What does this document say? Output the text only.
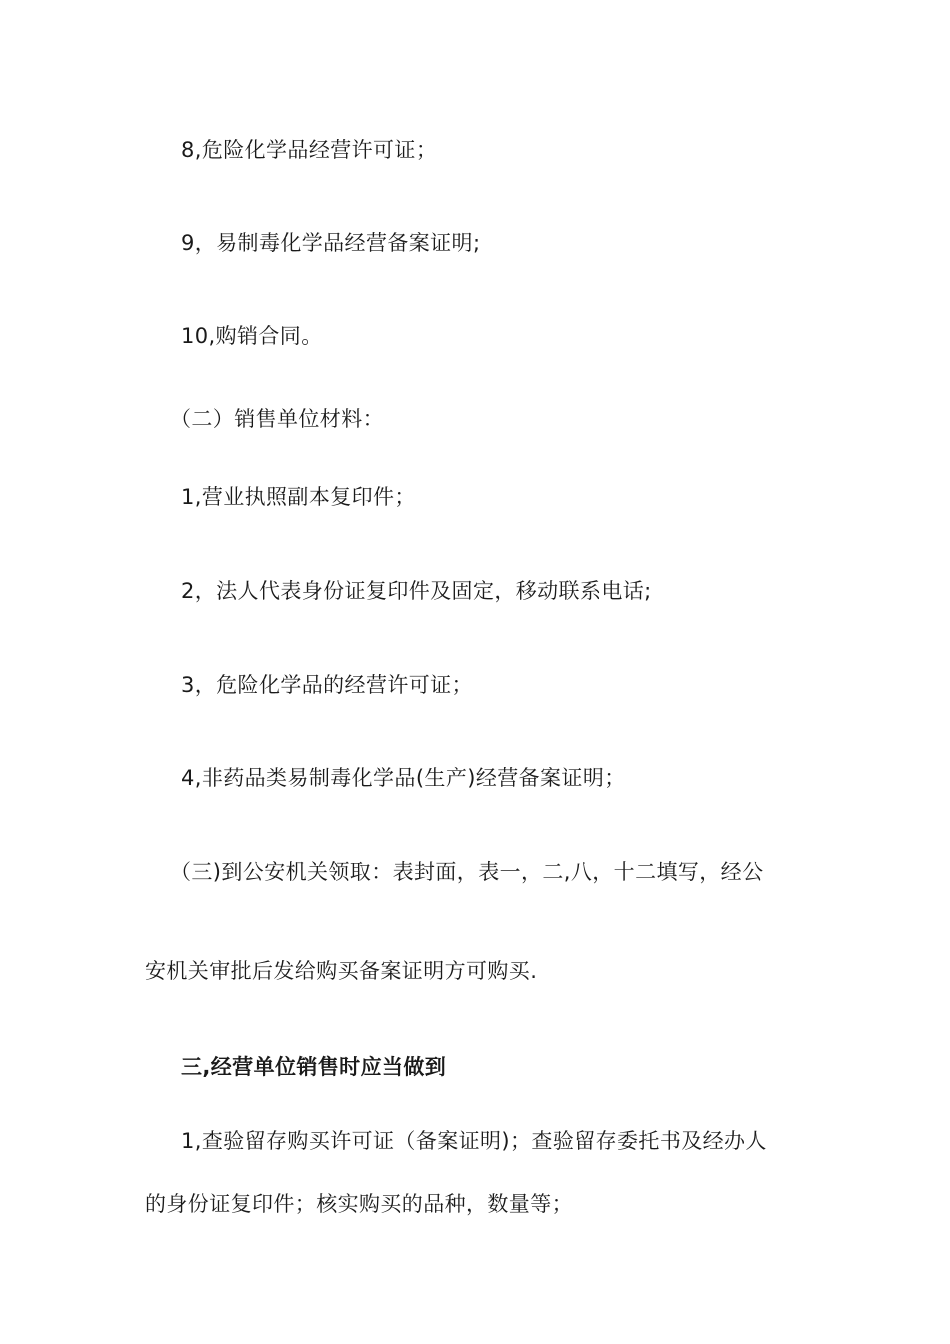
8,危险化学品经营许可证；

9，易制毒化学品经营备案证明;

10,购销合同。

（二）销售单位材料：

1,营业执照副本复印件；

2，法人代表身份证复印件及固定，移动联系电话;

3，危险化学品的经营许可证；

4,非药品类易制毒化学品(生产)经营备案证明；

（三)到公安机关领取：表封面，表一，二,八，十二填写，经公

安机关审批后发给购买备案证明方可购买.

三,经营单位销售时应当做到

1,查验留存购买许可证（备案证明)；查验留存委托书及经办人

的身份证复印件；核实购买的品种，数量等；
